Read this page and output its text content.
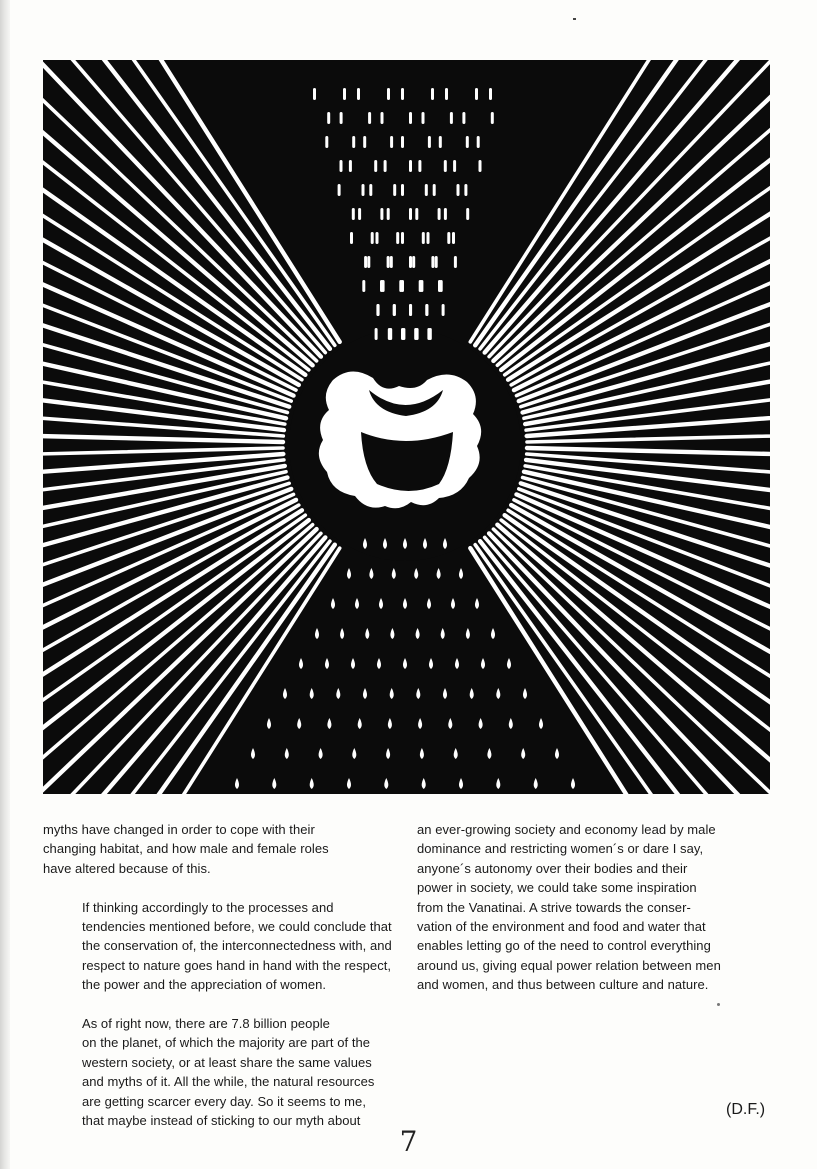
myths have changed in order to cope with their
changing habitat, and how male and female roles
have altered because of this.

If thinking accordingly to the processes and
tendencies mentioned before, we could conclude that
the conservation of, the interconnectedness with, and
respect to nature goes hand in hand with the respect,
the power and the appreciation of women.

As of right now, there are 7.8 billion people
on the planet, of which the majority are part of the
western society, or at least share the same values
and myths of it. All the while, the natural resources
are getting scarcer every day. So it seems to me,
that maybe instead of sticking to our myth about

an ever-growing society and economy lead by male
dominance and restricting women´s or dare I say,
anyone´s autonomy over their bodies and their
power in society, we could take some inspiration
from the Vanatinai. A strive towards the conser-
vation of the environment and food and water that
enables letting go of the need to control everything
around us, giving equal power relation between men
and women, and thus between culture and nature.

(D.F.)
7
